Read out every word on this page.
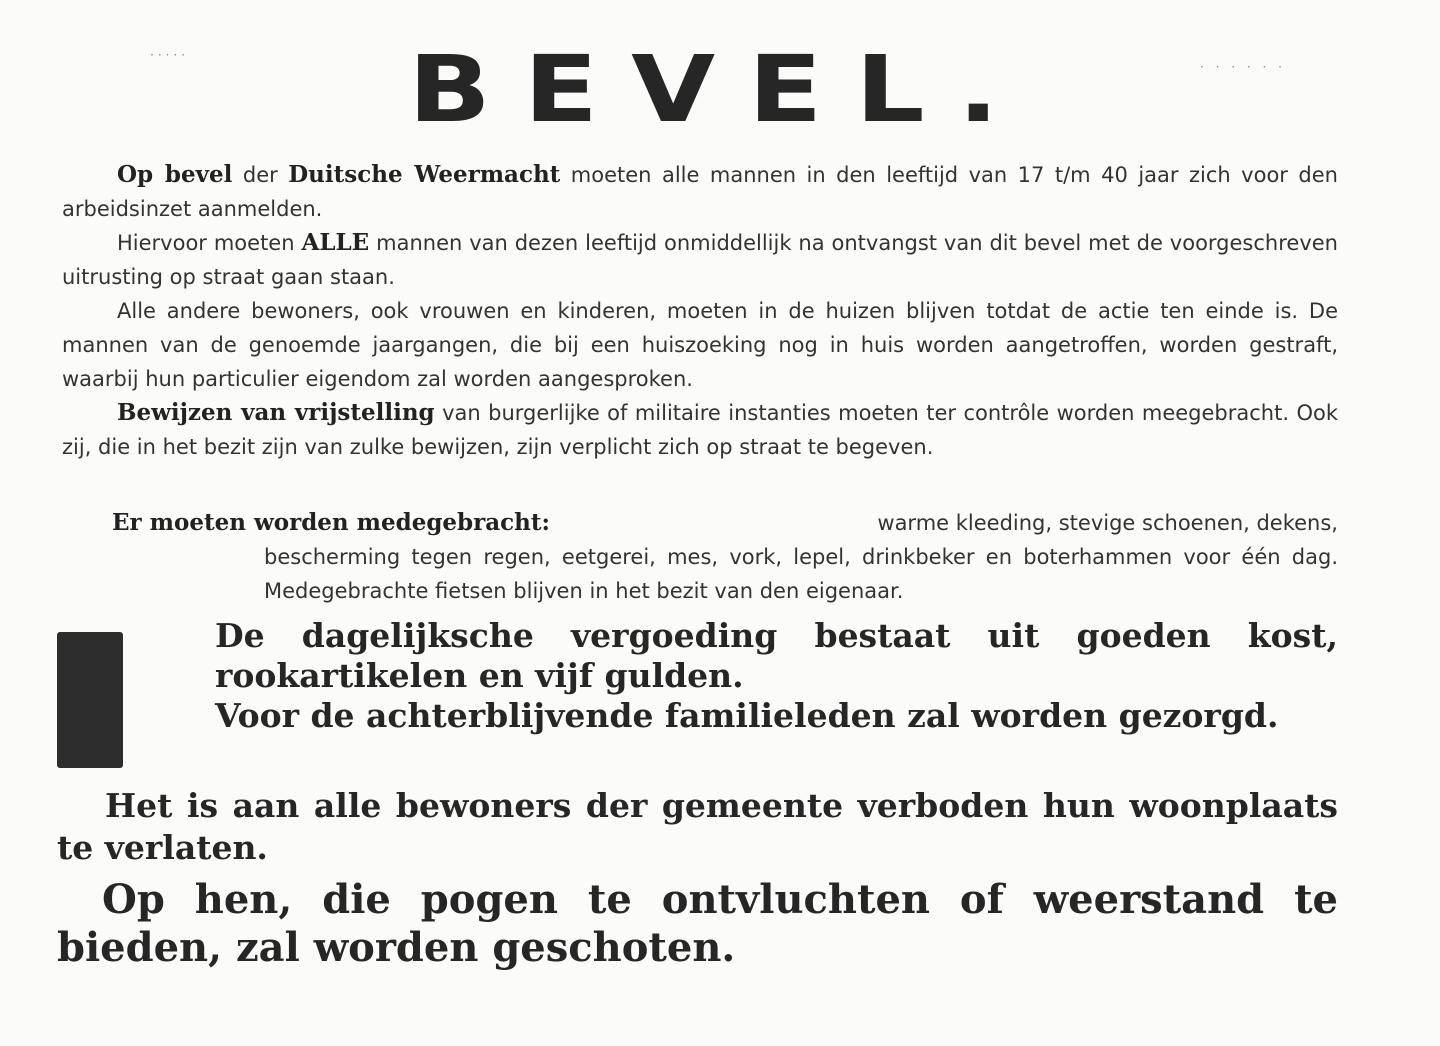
·····
· · · · · ·
BEVEL.
Op bevel der Duitsche Weermacht moeten alle mannen in den leeftijd van 17 t/m 40 jaar zich voor den arbeidsinzet aanmelden.
Hiervoor moeten ALLE mannen van dezen leeftijd onmiddellijk na ontvangst van dit bevel met de voorgeschreven uitrusting op straat gaan staan.
Alle andere bewoners, ook vrouwen en kinderen, moeten in de huizen blijven totdat de actie ten einde is. De mannen van de genoemde jaargangen, die bij een huiszoeking nog in huis worden aangetroffen, worden gestraft, waarbij hun particulier eigendom zal worden aangesproken.
Bewijzen van vrijstelling van burgerlijke of militaire instanties moeten ter contrôle worden meegebracht. Ook zij, die in het bezit zijn van zulke bewijzen, zijn verplicht zich op straat te begeven.
Er moeten worden medegebracht:	warme kleeding, stevige schoenen, dekens,
bescherming tegen regen, eetgerei, mes, vork, lepel, drinkbeker en boterhammen voor één dag. Medegebrachte fietsen blijven in het bezit van den eigenaar.
De dagelijksche vergoeding bestaat uit goeden kost, rookartikelen en vijf gulden.
Voor de achterblijvende familieleden zal worden gezorgd.
Het is aan alle bewoners der gemeente verboden hun woonplaats te verlaten.
Op hen, die pogen te ontvluchten of weerstand te bieden, zal worden geschoten.
